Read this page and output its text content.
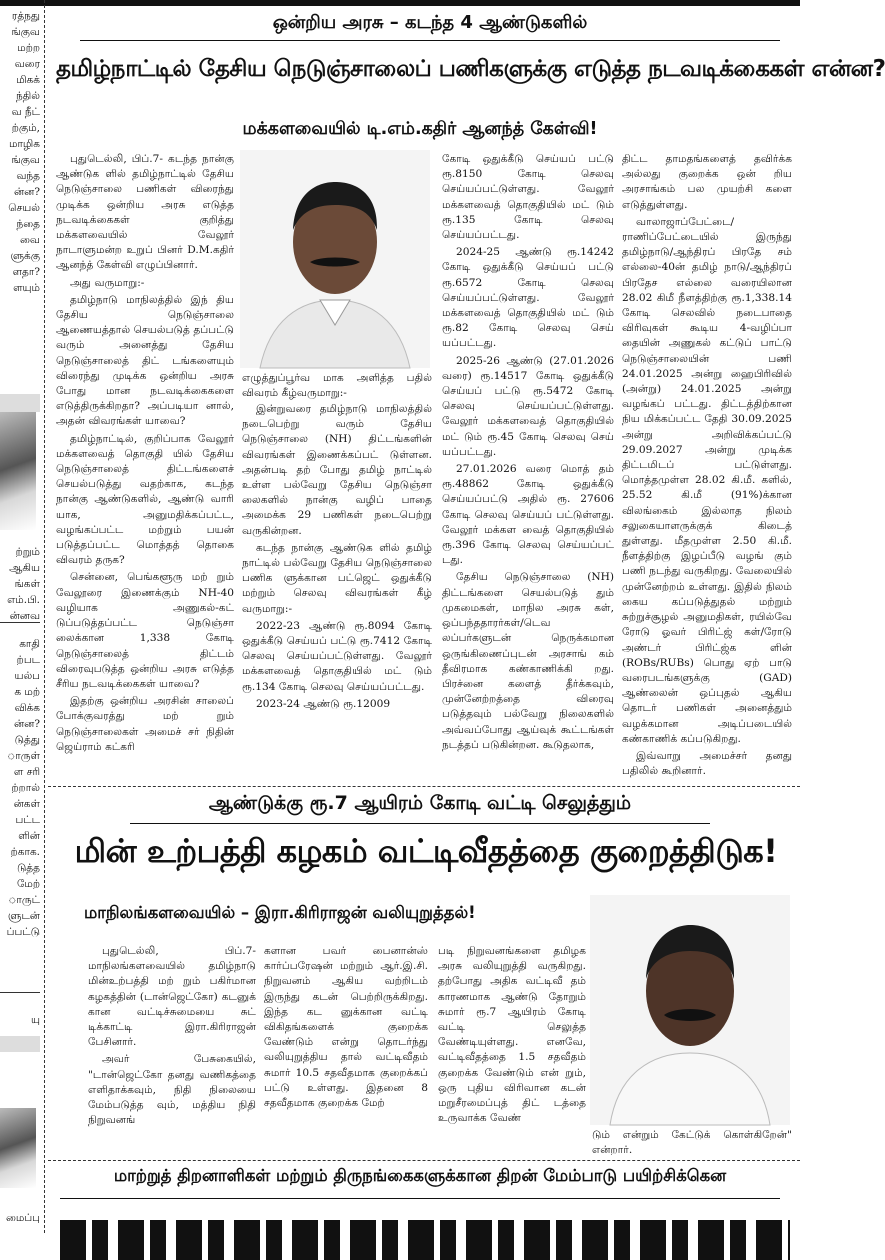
ரத்நது
ங்குவ
மற்ற
வரை
மிகக்
ந்தில்
வ நீட்
ற்கும்,
மாழிக
ங்குவ
வந்த
ன்ன?
செயல்
ந்தை
வை
ளுக்கு
ளதா?
ளயும்
ற்றும்
ஆகிய
ங்கள்
எம்.பி.
ன்னவ
காதி
ற்பட
யல்ப
க மற்
விக்க
ன்ன?
டுத்து
ாருள்
ள சரி
ற்றால்
ன்கள்
பட்ட
ளின்
ற்காக.
டுத்த
மேற்
ாருட்
ளுடன்
ப்பட்டு
யு
மைப்பு
ஒன்றிய அரசு – கடந்த 4 ஆண்டுகளில்
தமிழ்நாட்டில் தேசிய நெடுஞ்சாலைப் பணிகளுக்கு எடுத்த நடவடிக்கைகள் என்ன?
மக்களவையில் டி.எம்.கதிர் ஆனந்த் கேள்வி!

புதுடெல்லி, பிப்.7- கடந்த நான்கு ஆண்டுக ளில் தமிழ்நாட்டில் தேசிய நெடுஞ்சாலை பணிகள் விரைந்து முடிக்க ஒன்றிய அரசு எடுத்த நடவடிக்கைகள் குறித்து மக்களவையில் வேலூர் நாடாளுமன்ற உறுப் பினர் D.M.கதிர் ஆனந்த் கேள்வி எழுப்பினார்.

அது வருமாறு:-

தமிழ்நாடு மாநிலத்தில் இந் திய தேசிய நெடுஞ்சாலை ஆணையத்தால் செயல்படுத் தப்பட்டு வரும் அனைத்து தேசிய நெடுஞ்சாலைத் திட் டங்களையும் விரைந்து முடிக்க ஒன்றிய அரசு போது மான நடவடிக்கைகளை எடுத்திருக்கிறதா? அப்படியா னால், அதன் விவரங்கள் யாவை?

தமிழ்நாட்டில், குறிப்பாக வேலூர் மக்களவைத் தொகுதி யில் தேசிய நெடுஞ்சாலைத் திட்டங்களைச் செயல்படுத்து வதற்காக, கடந்த நான்கு ஆண்டுகளில், ஆண்டு வாரி யாக, அனுமதிக்கப்பட்ட, வழங்கப்பட்ட மற்றும் பயன் படுத்தப்பட்ட மொத்தத் தொகை விவரம் தருக?

சென்னை, பெங்களூரு மற் றும் வேலூரை இணைக்கும் NH-40 வழியாக அணுகல்-கட் டுப்படுத்தப்பட்ட நெடுஞ்சா லைக்கான 1,338 கோடி நெடுஞ்சாலைத் திட்டம் விரைவுபடுத்த ஒன்றிய அரசு எடுத்த சீரிய நடவடிக்கைகள் யாவை?

இதற்கு ஒன்றிய அரசின் சாலைப் போக்குவரத்து மற் றும் நெடுஞ்சாலைகள் அமைச் சர் நிதின் ஜெய்ராம் கட்கரி

எழுத்துப்பூர்வ மாக அளித்த பதில் விவரம் கீழ்வருமாறு:-

இன்றுவரை தமிழ்நாடு மாநிலத்தில் நடைபெற்று வரும் தேசிய நெடுஞ்சாலை (NH) திட்டங்களின் விவரங்கள் இணைக்கப்பட் டுள்ளன. அதன்படி தற் போது தமிழ் நாட்டில் உள்ள பல்வேறு தேசிய நெடுஞ்சா லைகளில் நான்கு வழிப் பாதை அமைக்க 29 பணிகள் நடைபெற்று வருகின்றன.

கடந்த நான்கு ஆண்டுக ளில் தமிழ் நாட்டில் பல்வேறு தேசிய நெடுஞ்சாலை பணிக ளுக்கான பட்ஜெட் ஒதுக்கீடு மற்றும் செலவு விவரங்கள் கீழ் வருமாறு:-

2022-23 ஆண்டு ரூ.8094 கோடி ஒதுக்கீடு செய்யப் பட்டு ரூ.7412 கோடி செலவு செய்யப்பட்டுள்ளது. வேலூர் மக்களவைத் தொகுதியில் மட் டும் ரூ.134 கோடி செலவு செய்யப்பட்டது.

2023-24 ஆண்டு ரூ.12009

கோடி ஒதுக்கீடு செய்யப் பட்டு ரூ.8150 கோடி செலவு செய்யப்பட்டுள்ளது. வேலூர் மக்களவைத் தொகுதியில் மட் டும் ரூ.135 கோடி செலவு செய்யப்பட்டது.

2024-25 ஆண்டு ரூ.14242 கோடி ஒதுக்கீடு செய்யப் பட்டு ரூ.6572 கோடி செலவு செய்யப்பட்டுள்ளது. வேலூர் மக்களவைத் தொகுதியில் மட் டும் ரூ.82 கோடி செலவு செய் யப்பட்டது.

2025-26 ஆண்டு (27.01.2026 வரை) ரூ.14517 கோடி ஒதுக்கீடு செய்யப் பட்டு ரூ.5472 கோடி செலவு செய்யப்பட்டுள்ளது. வேலூர் மக்களவைத் தொகுதியில் மட் டும் ரூ.45 கோடி செலவு செய் யப்பட்டது.

27.01.2026 வரை மொத் தம் ரூ.48862 கோடி ஒதுக்கீடு செய்யப்பட்டு அதில் ரூ. 27606 கோடி செலவு செய்யப் பட்டுள்ளது. வேலூர் மக்கள வைத் தொகுதியில் ரூ.396 கோடி செலவு செய்யப்பட் டது.

தேசிய நெடுஞ்சாலை (NH) திட்டங்களை செயல்படுத் தும் முகமைகள், மாநில அரசு கள், ஒப்பந்ததாரர்கள்/டெவ லப்பர்களுடன் நெருக்கமான ஒருங்கிணைப்புடன் அரசாங் கம் தீவிரமாக கண்காணிக்கி றது. பிரச்னை களைத் தீர்க்கவும், முன்னேற்றத்தை விரைவு படுத்தவும் பல்வேறு நிலைகளில் அவ்வப்போது ஆய்வுக் கூட்டங்கள் நடத்தப் படுகின்றன. கூடுதலாக,

திட்ட தாமதங்களைத் தவிர்க்க அல்லது குறைக்க ஒன் றிய அரசாங்கம் பல முயற்சி களை எடுத்துள்ளது.

வாலாஜாப்பேட்டை/ ராணிப்பேட்டையில் இருந்து தமிழ்நாடு/ஆந்திரப் பிரதே சம் எல்லை-40ன் தமிழ் நாடு/ஆந்திரப் பிரதேச எல்லை வரையிலான 28.02 கிமீ நீளத்திற்கு ரூ.1,338.14 கோடி செலவில் நடைபாதை விரிவுகள் கூடிய 4-வழிப்பா தையின் அணுகல் கட்டுப் பாட்டு நெடுஞ்சாலையின் பணி 24.01.2025 அன்று ஹைபிரிவில் (அன்று) 24.01.2025 அன்று வழங்கப் பட்டது. திட்டத்திற்கான நிய மிக்கப்பட்ட தேதி 30.09.2025 அன்று அறிவிக்கப்பட்டு 29.09.2027 அன்று முடிக்க திட்டமிடப் பட்டுள்ளது. மொத்தமுள்ள 28.02 கி.மீ. களில், 25.52 கி.மீ (91%)க்கான விலங்கைம் இல்லாத நிலம் சலுகையாளருக்குக் கிடைத் துள்ளது. மீதமுள்ள 2.50 கி.மீ. நீளத்திற்கு இழப்பீடு வழங் கும் பணி நடந்து வருகிறது. வேலையில் முன்னேற்றம் உள்ளது. இதில் நிலம் கைய கப்படுத்துதல் மற்றும் சுற்றுச்சூழல் அனுமதிகள், ரயில்வே ரோடு ஓவர் பிரிட்ஜ் கள்/ரோடு அண்டர் பிரிட்ஜ்க ளின் (ROBs/RUBs) பொது ஏற் பாடு வரைபடங்களுக்கு (GAD) ஆண்லைன் ஒப்புதல் ஆகிய தொடர் பணிகள் அனைத்தும் வழக்கமான அடிப்படையில் கண்காணிக் கப்படுகிறது.

இவ்வாறு அமைச்சர் தனது பதிலில் கூறினார்.

ஆண்டுக்கு ரூ.7 ஆயிரம் கோடி வட்டி செலுத்தும்
மின் உற்பத்தி கழகம் வட்டிவீதத்தை குறைத்திடுக!
மாநிலங்களவையில் – இரா.கிரிராஜன் வலியுறுத்தல்!

புதுடெல்லி, பிப்.7- மாநிலங்களவையில் தமிழ்நாடு மின்உற்பத்தி மற் றும் பகிர்மான கழகத்தின் (டான்ஜெட்கோ) கடனுக் கான வட்டிச்சுமையை சுட் டிக்காட்டி இரா.கிரிராஜன் பேசினார்.

அவர் பேசுகையில், "டான்ஜெட்கோ தனது வணிகத்தை எளிதாக்கவும், நிதி நிலையை மேம்படுத்த வும், மத்திய நிதி நிறுவனங்

களான பவர் பைனான்ஸ் கார்ப்பரேஷன் மற்றும் ஆர்.இ.சி. நிறுவனம் ஆகிய வற்றிடம் இருந்து கடன் பெற்றிருக்கிறது. இந்த கட னுக்கான வட்டி விகிதங்களைக் குறைக்க வேண்டும் என்று தொடர்ந்து வலியுறுத்திய தால் வட்டிவீதம் சுமார் 10.5 சதவீதமாக குறைக்கப் பட்டு உள்ளது. இதனை 8 சதவீதமாக குறைக்க மேற்

படி நிறுவனங்களை தமிழக அரசு வலியுறுத்தி வருகிறது. தற்போது அதிக வட்டிவீ தம் காரணமாக ஆண்டு தோறும் சுமார் ரூ.7 ஆயிரம் கோடி வட்டி செலுத்த வேண்டியுள்ளது. எனவே, வட்டிவீதத்தை 1.5 சதவீதம் குறைக்க வேண்டும் என் றும், ஒரு புதிய விரிவான கடன் மறுசீரமைப்புத் திட் டத்தை உருவாக்க வேண்

டும் என்றும் கேட்டுக் கொள்கிறேன்" என்றார்.
மாற்றுத் திறனாளிகள் மற்றும் திருநங்கைகளுக்கான திறன் மேம்பாடு பயிற்சிக்கென
